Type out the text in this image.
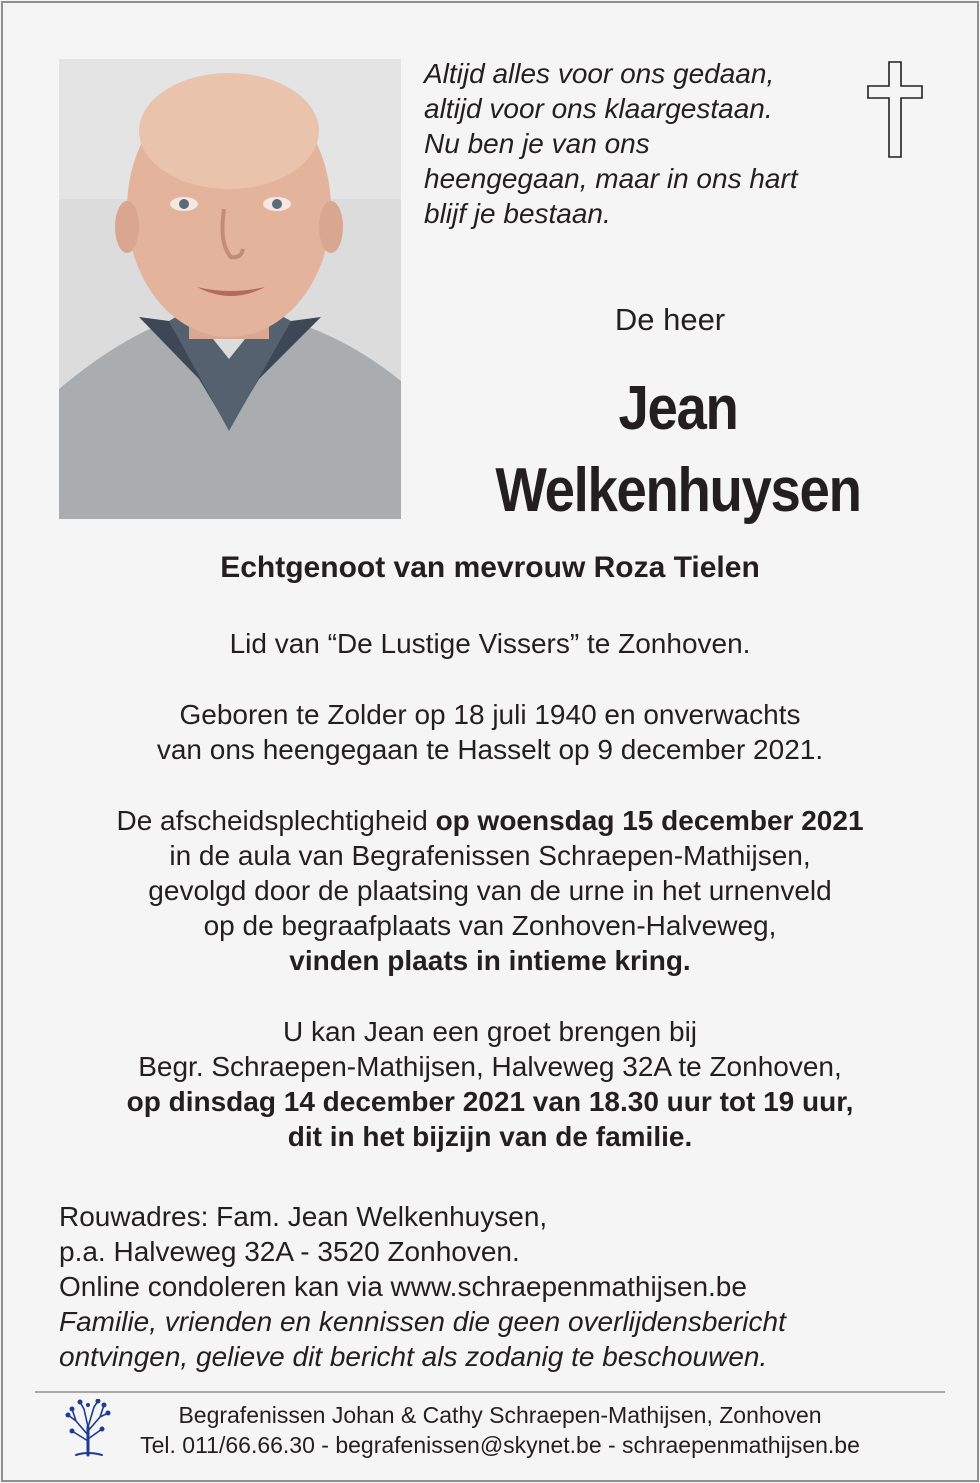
Altijd alles voor ons gedaan,
altijd voor ons klaargestaan.
Nu ben je van ons
heengegaan, maar in ons hart
blijf je bestaan.
De heer
Jean
Welkenhuysen
Echtgenoot van mevrouw Roza Tielen
Lid van “De Lustige Vissers” te Zonhoven.
Geboren te Zolder op 18 juli 1940 en onverwachts
van ons heengegaan te Hasselt op 9 december 2021.
De afscheidsplechtigheid op woensdag 15 december 2021
in de aula van Begrafenissen Schraepen-Mathijsen,
gevolgd door de plaatsing van de urne in het urnenveld
op de begraafplaats van Zonhoven-Halveweg,
vinden plaats in intieme kring.
U kan Jean een groet brengen bij
Begr. Schraepen-Mathijsen, Halveweg 32A te Zonhoven,
op dinsdag 14 december 2021 van 18.30 uur tot 19 uur,
dit in het bijzijn van de familie.
Rouwadres: Fam. Jean Welkenhuysen,
p.a. Halveweg 32A - 3520 Zonhoven.
Online condoleren kan via www.schraepenmathijsen.be
Familie, vrienden en kennissen die geen overlijdensbericht
ontvingen, gelieve dit bericht als zodanig te beschouwen.
Begrafenissen Johan & Cathy Schraepen-Mathijsen, Zonhoven
Tel. 011/66.66.30 - begrafenissen@skynet.be - schraepenmathijsen.be
